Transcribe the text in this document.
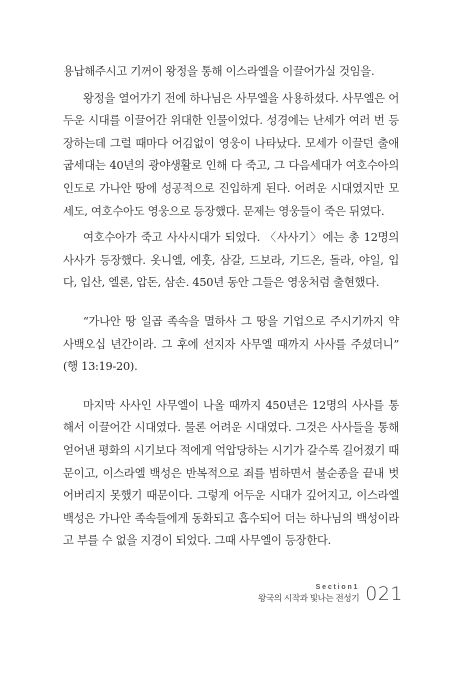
용납해주시고 기꺼이 왕정을 통해 이스라엘을 이끌어가실 것임을.

왕정을 열어가기 전에 하나님은 사무엘을 사용하셨다. 사무엘은 어두운 시대를 이끌어간 위대한 인물이었다. 성경에는 난세가 여러 번 등장하는데 그럴 때마다 어김없이 영웅이 나타났다. 모세가 이끌던 출애굽세대는 40년의 광야생활로 인해 다 죽고, 그 다음세대가 여호수아의 인도로 가나안 땅에 성공적으로 진입하게 된다. 어려운 시대였지만 모세도, 여호수아도 영웅으로 등장했다. 문제는 영웅들이 죽은 뒤였다.

여호수아가 죽고 사사시대가 되었다. 〈사사기〉에는 총 12명의 사사가 등장했다. 옷니엘, 에훗, 삼갈, 드보라, 기드온, 돌라, 야일, 입다, 입산, 엘론, 압돈, 삼손. 450년 동안 그들은 영웅처럼 출현했다.

“가나안 땅 일곱 족속을 멸하사 그 땅을 기업으로 주시기까지 약 사백오십 년간이라. 그 후에 선지자 사무엘 때까지 사사를 주셨더니” (행 13:19-20).

마지막 사사인 사무엘이 나올 때까지 450년은 12명의 사사를 통해서 이끌어간 시대였다. 물론 어려운 시대였다. 그것은 사사들을 통해 얻어낸 평화의 시기보다 적에게 억압당하는 시기가 갈수록 길어졌기 때문이고, 이스라엘 백성은 반복적으로 죄를 범하면서 불순종을 끝내 벗어버리지 못했기 때문이다. 그렇게 어두운 시대가 깊어지고, 이스라엘 백성은 가나안 족속들에게 동화되고 흡수되어 더는 하나님의 백성이라고 부를 수 없을 지경이 되었다. 그때 사무엘이 등장한다.

Section1
왕국의 시작과 빛나는 전성기 021
